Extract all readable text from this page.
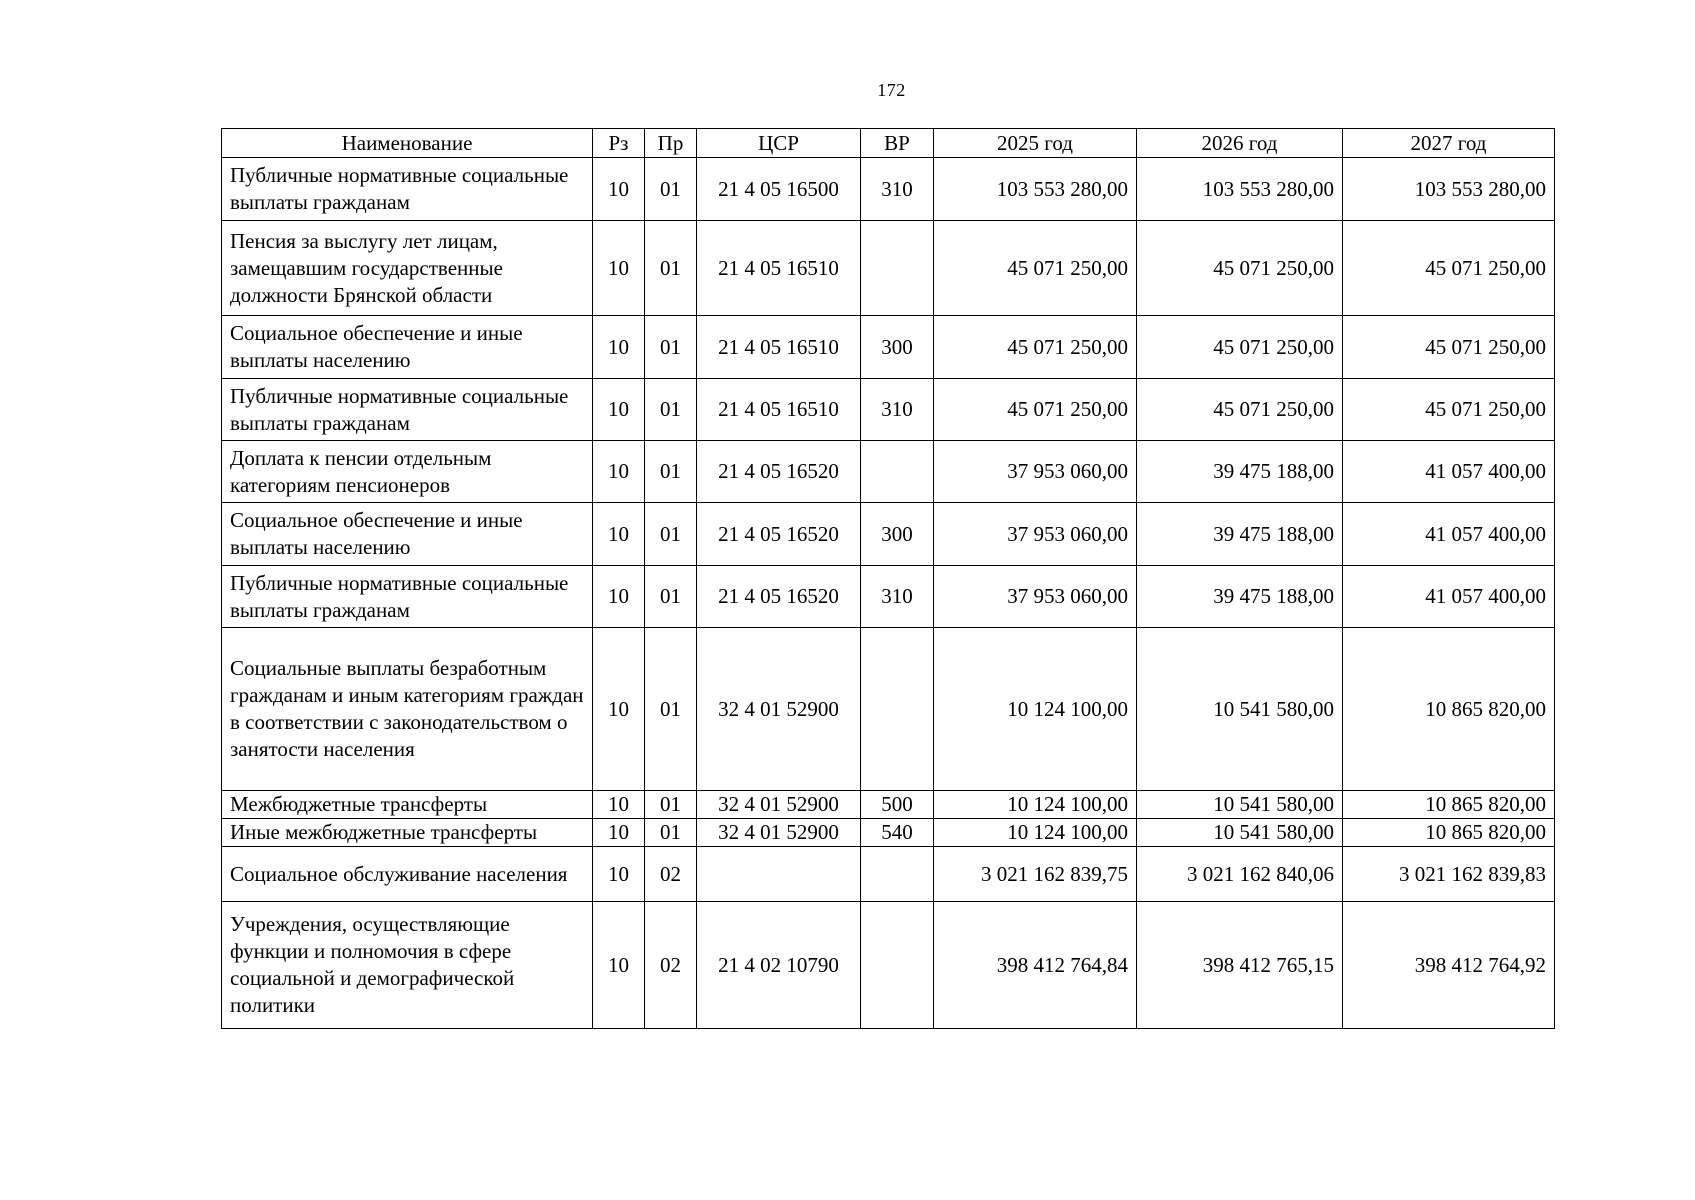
172
Наименование	Рз	Пр	ЦСР	ВР	2025 год	2026 год	2027 год
Публичные нормативные социальные выплаты гражданам	10	01	21 4 05 16500	310	103 553 280,00	103 553 280,00	103 553 280,00
Пенсия за выслугу лет лицам, замещавшим государственные должности Брянской области	10	01	21 4 05 16510		45 071 250,00	45 071 250,00	45 071 250,00
Социальное обеспечение и иные выплаты населению	10	01	21 4 05 16510	300	45 071 250,00	45 071 250,00	45 071 250,00
Публичные нормативные социальные выплаты гражданам	10	01	21 4 05 16510	310	45 071 250,00	45 071 250,00	45 071 250,00
Доплата к пенсии отдельным категориям пенсионеров	10	01	21 4 05 16520		37 953 060,00	39 475 188,00	41 057 400,00
Социальное обеспечение и иные выплаты населению	10	01	21 4 05 16520	300	37 953 060,00	39 475 188,00	41 057 400,00
Публичные нормативные социальные выплаты гражданам	10	01	21 4 05 16520	310	37 953 060,00	39 475 188,00	41 057 400,00
Социальные выплаты безработным гражданам и иным категориям граждан в соответствии с законодательством о занятости населения	10	01	32 4 01 52900		10 124 100,00	10 541 580,00	10 865 820,00
Межбюджетные трансферты	10	01	32 4 01 52900	500	10 124 100,00	10 541 580,00	10 865 820,00
Иные межбюджетные трансферты	10	01	32 4 01 52900	540	10 124 100,00	10 541 580,00	10 865 820,00
Социальное обслуживание населения	10	02			3 021 162 839,75	3 021 162 840,06	3 021 162 839,83
Учреждения, осуществляющие функции и полномочия в сфере социальной и демографической политики	10	02	21 4 02 10790		398 412 764,84	398 412 765,15	398 412 764,92
